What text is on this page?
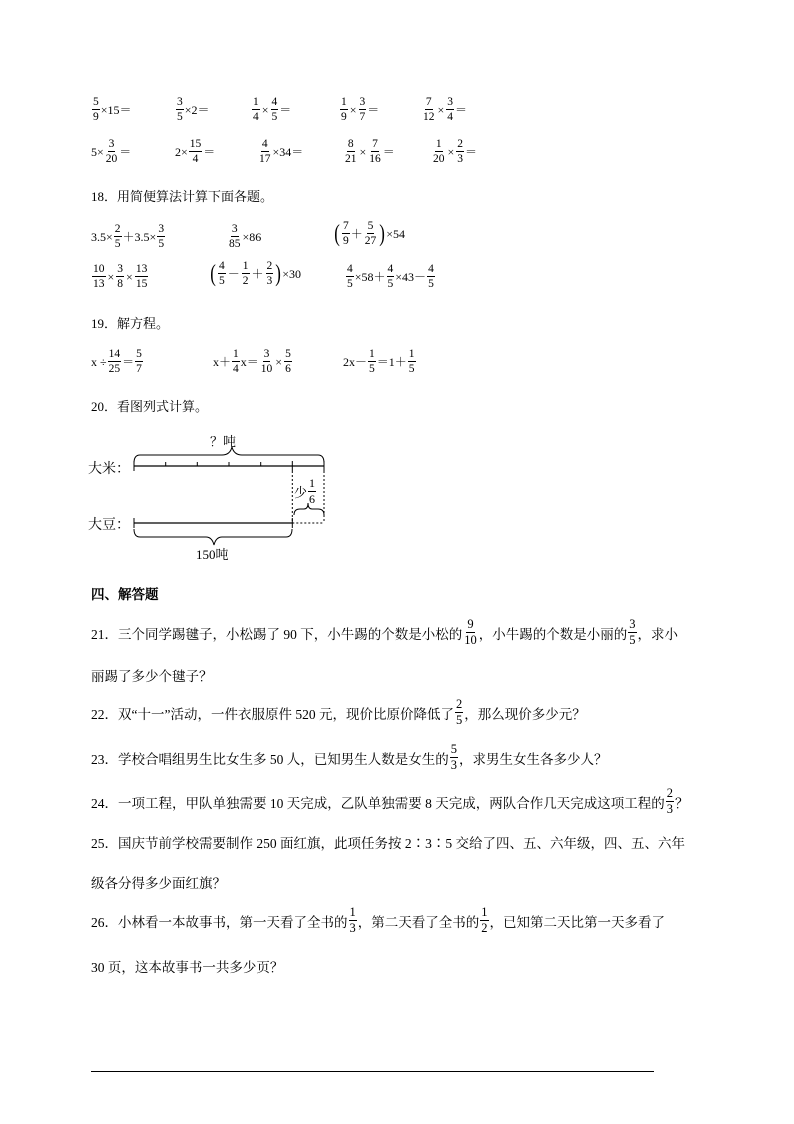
$\frac{5}{9} \times 15=$	$\frac{3}{5} \times 2=$	$\frac{1}{4} \times \frac{4}{5}$ ＝	$\frac{1}{9} \times \frac{3}{7}$ ＝	$\frac{7}{12} \times \frac{3}{4}$ ＝
$5\times \frac{3}{20}$ ＝	$2\times \frac{15}{4}$ ＝	$\frac{4}{17} \times 34=$	$\frac{8}{21} \times \frac{7}{16}$ ＝	$\frac{1}{20} \times \frac{2}{3}$ ＝
18．用简便算法计算下面各题。
$3.5\times \frac{2}{5} +3.5\times \frac{3}{5}$	$\frac{3}{85} \times 86$	( $\frac{7}{9} + \frac{5}{27}$ ) ×54
$\frac{10}{13} \times \frac{3}{8} \times \frac{13}{15}$	( $\frac{4}{5} - \frac{1}{2} + \frac{2}{3}$ ) ×30	$\frac{4}{5} \times 58+ \frac{4}{5} \times 43- \frac{4}{5}$
19．解方程。
$x \div \frac{14}{25} = \frac{5}{7}$	$x+ \frac{1}{4} x= \frac{3}{10} \times \frac{5}{6}$	$2x- \frac{1}{5} =1+ \frac{1}{5}$
20．看图列式计算。
？吨
大米：
大豆：
少 $\frac{1}{6}$
150吨
四、解答题
21．三个同学踢毽子，小松踢了 90 下，小牛踢的个数是小松的 $\frac{9}{10}$ ，小牛踢的个数是小丽的 $\frac{3}{5}$ ，求小
丽踢了多少个毽子？
22．双“十一”活动，一件衣服原件 520 元，现价比原价降低了 $\frac{2}{5}$ ，那么现价多少元？
23．学校合唱组男生比女生多 50 人，已知男生人数是女生的 $\frac{5}{3}$ ，求男生女生各多少人？
24．一项工程，甲队单独需要 10 天完成，乙队单独需要 8 天完成，两队合作几天完成这项工程的 $\frac{2}{3}$ ？
25．国庆节前学校需要制作 250 面红旗，此项任务按 2∶3∶5 交给了四、五、六年级，四、五、六年
级各分得多少面红旗？
26．小林看一本故事书，第一天看了全书的 $\frac{1}{3}$ ，第二天看了全书的 $\frac{1}{2}$ ，已知第二天比第一天多看了
30 页，这本故事书一共多少页？
